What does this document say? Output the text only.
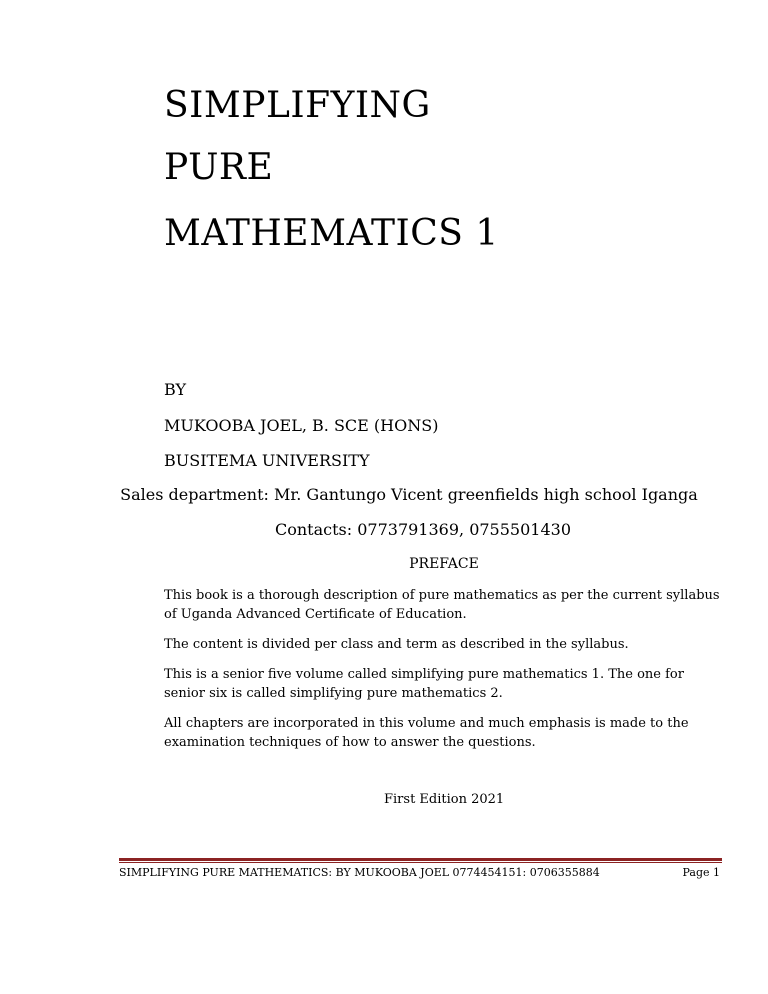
SIMPLIFYING
PURE
MATHEMATICS 1
BY
MUKOOBA JOEL, B. SCE (HONS)
BUSITEMA UNIVERSITY
Sales department: Mr. Gantungo Vicent greenfields high school Iganga
Contacts: 0773791369, 0755501430
PREFACE
This book is a thorough description of pure mathematics as per the current syllabus of Uganda Advanced Certificate of Education.
The content is divided per class and term as described in the syllabus.
This is a senior five volume called simplifying pure mathematics 1. The one for senior six is called simplifying pure mathematics 2.
All chapters are incorporated in this volume and much emphasis is made to the examination techniques of how to answer the questions.
First Edition 2021
SIMPLIFYING PURE MATHEMATICS: BY MUKOOBA JOEL 0774454151: 0706355884	Page 1
